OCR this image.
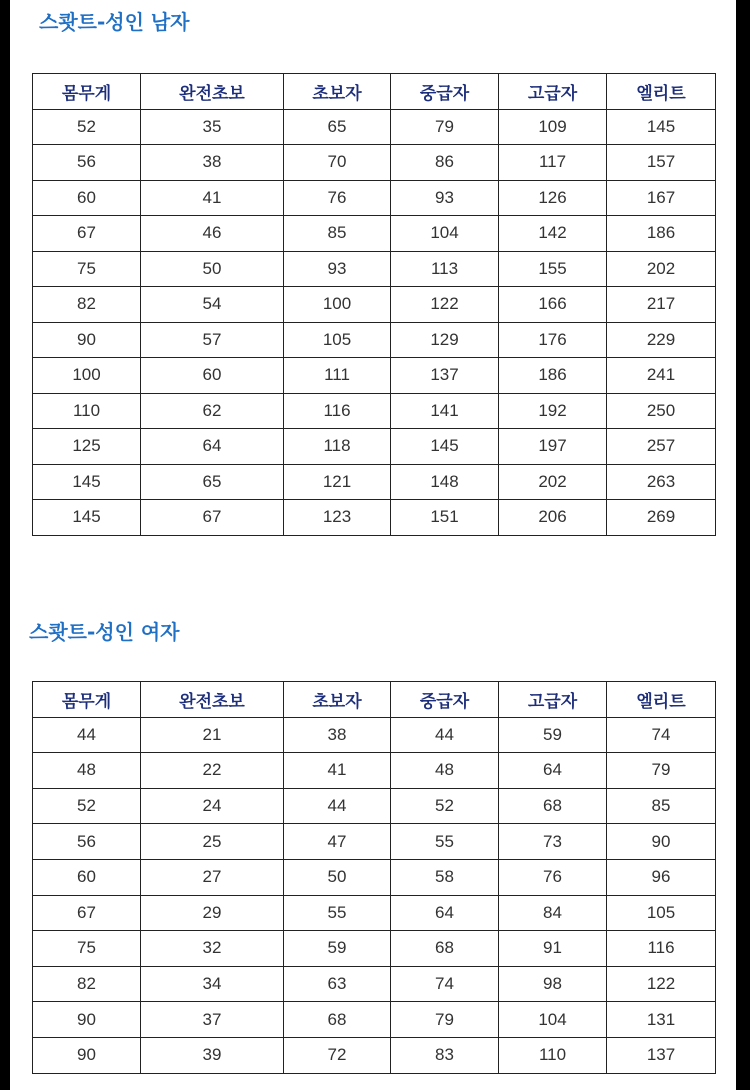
스쾃트-성인 남자
몸무게	완전초보	초보자	중급자	고급자	엘리트
52	35	65	79	109	145
56	38	70	86	117	157
60	41	76	93	126	167
67	46	85	104	142	186
75	50	93	113	155	202
82	54	100	122	166	217
90	57	105	129	176	229
100	60	111	137	186	241
110	62	116	141	192	250
125	64	118	145	197	257
145	65	121	148	202	263
145	67	123	151	206	269
스쾃트-성인 여자
몸무게	완전초보	초보자	중급자	고급자	엘리트
44	21	38	44	59	74
48	22	41	48	64	79
52	24	44	52	68	85
56	25	47	55	73	90
60	27	50	58	76	96
67	29	55	64	84	105
75	32	59	68	91	116
82	34	63	74	98	122
90	37	68	79	104	131
90	39	72	83	110	137
